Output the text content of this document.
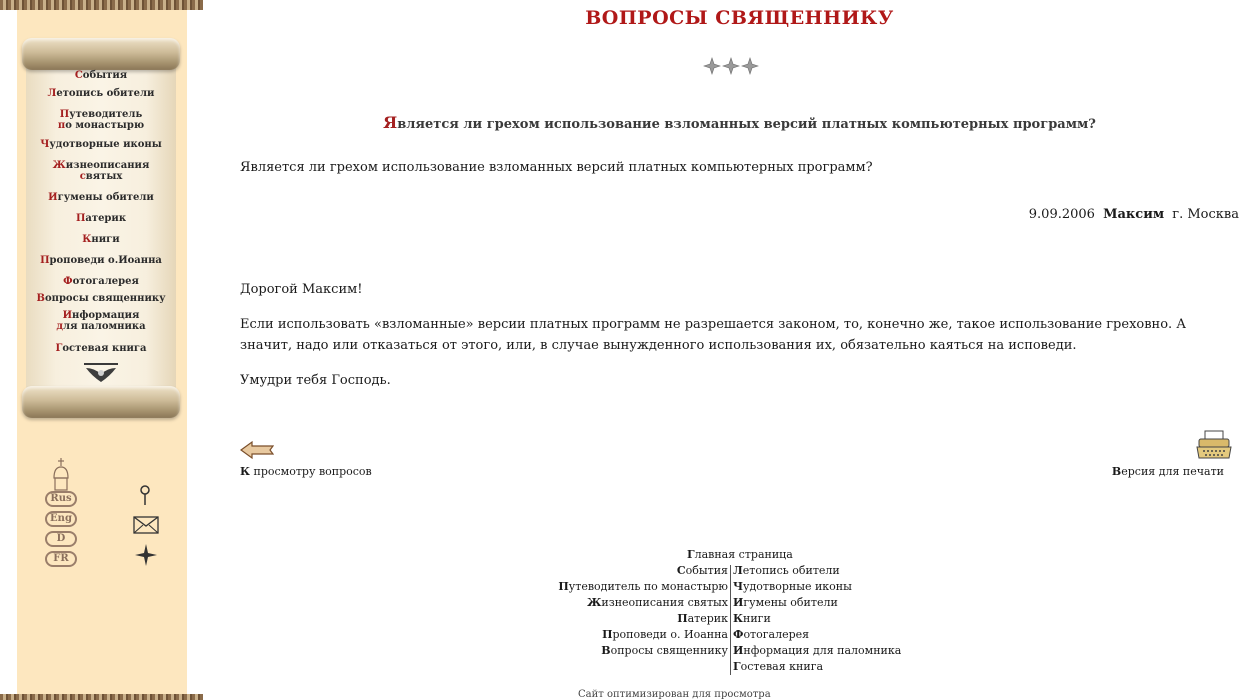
События
Летопись обители
Путеводитель
по монастырю
Чудотворные иконы
Жизнеописания
святых
Игумены обители
Патерик
Книги
Проповеди о.Иоанна
Фотогалерея
Вопросы священнику
Информация
для паломника
Гостевая книга
Rus
Eng
D
FR
ВОПРОСЫ СВЯЩЕННИКУ
Является ли грехом использование взломанных версий платных компьютерных программ?
Является ли грехом использование взломанных версий платных компьютерных программ?
9.09.2006 Максим г. Москва

Дорогой Максим!

Если использовать «взломанные» версии платных программ не разрешается законом, то, конечно же, такое использование греховно. А значит, надо или отказаться от этого, или, в случае вынужденного использования их, обязательно каяться на исповеди.

Умудри тебя Господь.

К просмотру вопросов	Версия для печати
Главная страница
События
Путеводитель по монастырю
Жизнеописания святых
Патерик
Проповеди о. Иоанна
Вопросы священнику
Летопись обители
Чудотворные иконы
Игумены обители
Книги
Фотогалерея
Информация для паломника
Гостевая книга
Сайт оптимизирован для просмотра
